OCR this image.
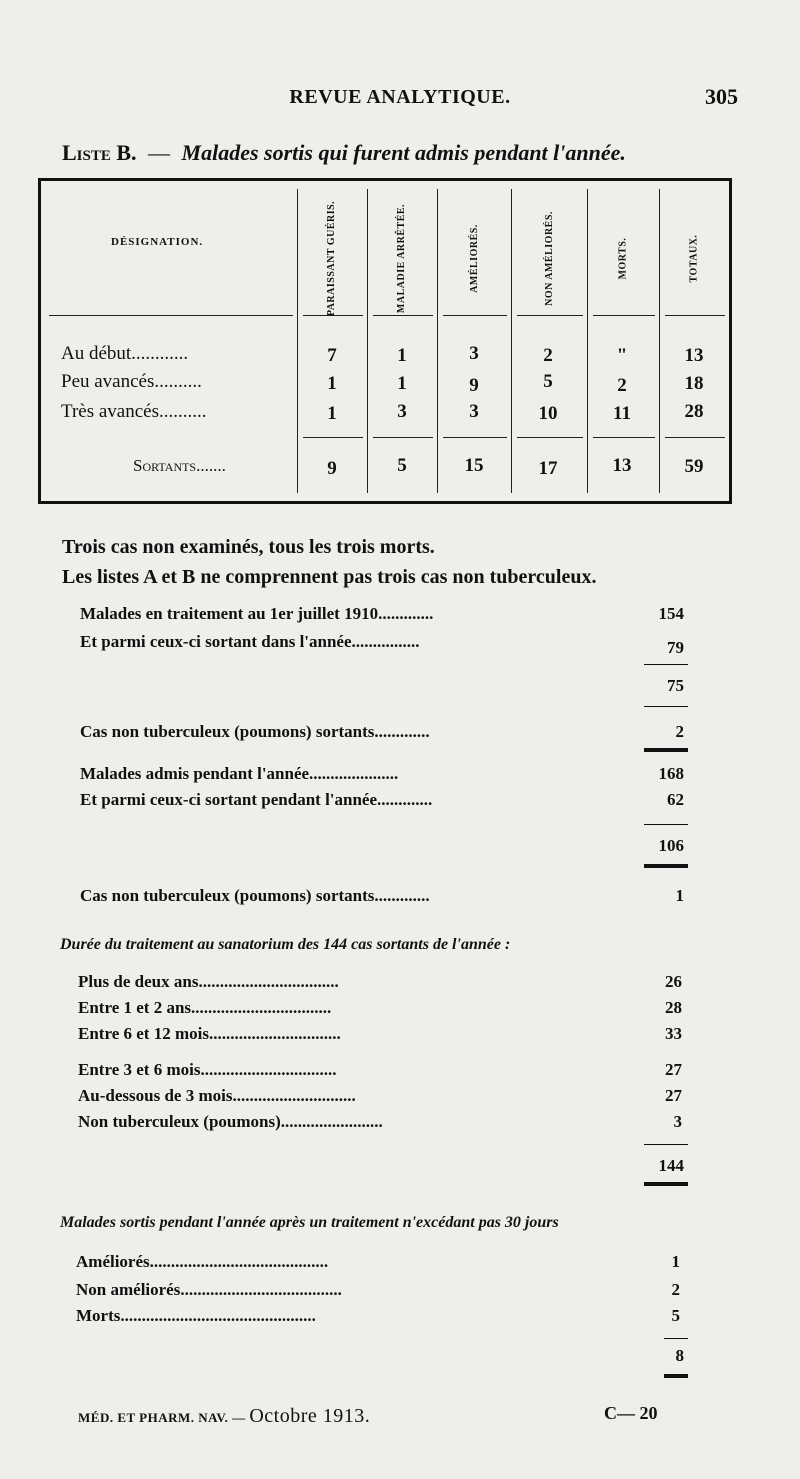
REVUE ANALYTIQUE.	305
Liste B. — Malades sortis qui furent admis pendant l'année.
DÉSIGNATION.	PARAISSANT GUÉRIS.	MALADIE ARRÊTÉE.	AMÉLIORÉS.	NON AMÉLIORÉS.	MORTS.	TOTAUX.
Au début............	7	1	3	2	"	13
Peu avancés..........	1	1	9	5	2	18
Très avancés..........	1	3	3	10	11	28
Sortants.......	9	5	15	17	13	59
Trois cas non examinés, tous les trois morts.
Les listes A et B ne comprennent pas trois cas non tuberculeux.
Malades en traitement au 1er juillet 1910.............	154
Et parmi ceux-ci sortant dans l'année................	79
75
Cas non tuberculeux (poumons) sortants.............	2
Malades admis pendant l'année.....................	168
Et parmi ceux-ci sortant pendant l'année.............	62
106
Cas non tuberculeux (poumons) sortants.............	1
Durée du traitement au sanatorium des 144 cas sortants de l'année :
Plus de deux ans.................................	26
Entre 1 et 2 ans.................................	28
Entre 6 et 12 mois...............................	33
Entre 3 et 6 mois................................	27
Au-dessous de 3 mois.............................	27
Non tuberculeux (poumons)........................	3
144
Malades sortis pendant l'année après un traitement n'excédant pas 30 jours
Améliorés..........................................	1
Non améliorés......................................	2
Morts..............................................	5
8
MÉD. ET PHARM. NAV. — Octobre 1913.	C— 20
